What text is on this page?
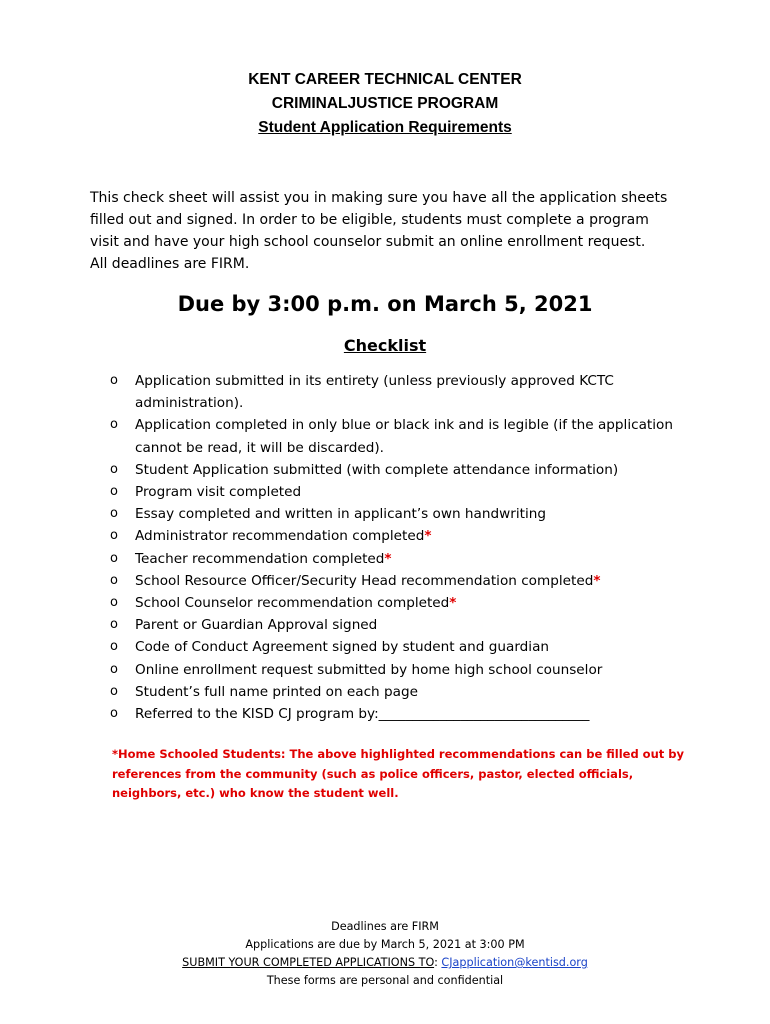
KENT CAREER TECHNICAL CENTER
CRIMINALJUSTICE PROGRAM
Student Application Requirements
This check sheet will assist you in making sure you have all the application sheets
filled out and signed. In order to be eligible, students must complete a program
visit and have your high school counselor submit an online enrollment request.
All deadlines are FIRM.
Due by 3:00 p.m. on March 5, 2021
Checklist
o	Application submitted in its entirety (unless previously approved KCTC administration).
o	Application completed in only blue or black ink and is legible (if the application cannot be read, it will be discarded).
o	Student Application submitted (with complete attendance information)
o	Program visit completed
o	Essay completed and written in applicant’s own handwriting
o	Administrator recommendation completed*
o	Teacher recommendation completed*
o	School Resource Officer/Security Head recommendation completed*
o	School Counselor recommendation completed*
o	Parent or Guardian Approval signed
o	Code of Conduct Agreement signed by student and guardian
o	Online enrollment request submitted by home high school counselor
o	Student’s full name printed on each page
o	Referred to the KISD CJ program by:_______________________________
*Home Schooled Students: The above highlighted recommendations can be filled out by
references from the community (such as police officers, pastor, elected officials,
neighbors, etc.) who know the student well.
Deadlines are FIRM
Applications are due by March 5, 2021 at 3:00 PM
SUBMIT YOUR COMPLETED APPLICATIONS TO: CJapplication@kentisd.org
These forms are personal and confidential
